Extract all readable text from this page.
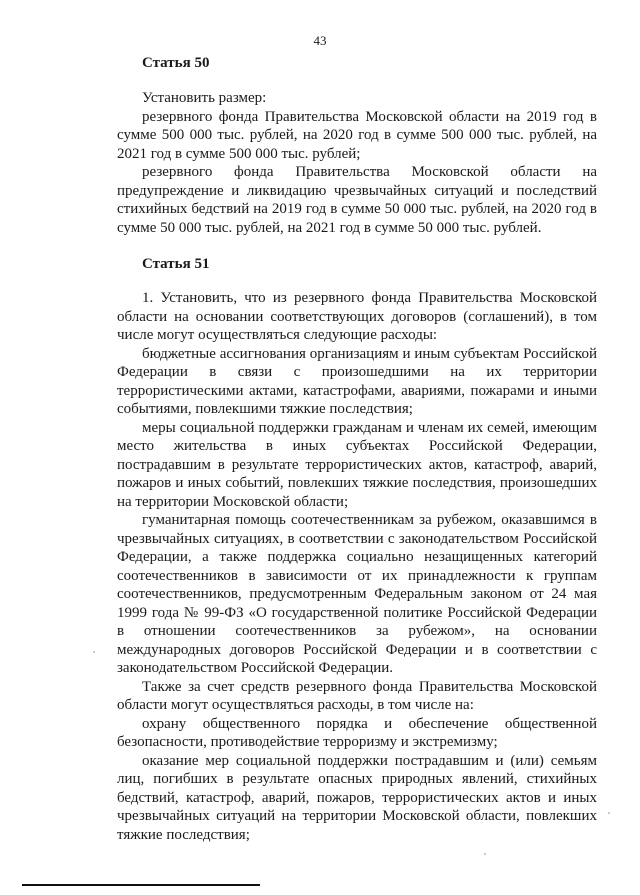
43
Статья 50

Установить размер:

резервного фонда Правительства Московской области на 2019 год в сумме 500 000 тыс. рублей, на 2020 год в сумме 500 000 тыс. рублей, на 2021 год в сумме 500 000 тыс. рублей;

резервного фонда Правительства Московской области на предупреждение и ликвидацию чрезвычайных ситуаций и последствий стихийных бедствий на 2019 год в сумме 50 000 тыс. рублей, на 2020 год в сумме 50 000 тыс. рублей, на 2021 год в сумме 50 000 тыс. рублей.

Статья 51

1. Установить, что из резервного фонда Правительства Московской области на основании соответствующих договоров (соглашений), в том числе могут осуществляться следующие расходы:

бюджетные ассигнования организациям и иным субъектам Российской Федерации в связи с произошедшими на их территории террористическими актами, катастрофами, авариями, пожарами и иными событиями, повлекшими тяжкие последствия;

меры социальной поддержки гражданам и членам их семей, имеющим место жительства в иных субъектах Российской Федерации, пострадавшим в результате террористических актов, катастроф, аварий, пожаров и иных событий, повлекших тяжкие последствия, произошедших на территории Московской области;

гуманитарная помощь соотечественникам за рубежом, оказавшимся в чрезвычайных ситуациях, в соответствии с законодательством Российской Федерации, а также поддержка социально незащищенных категорий соотечественников в зависимости от их принадлежности к группам соотечественников, предусмотренным Федеральным законом от 24 мая 1999 года № 99-ФЗ «О государственной политике Российской Федерации в отношении соотечественников за рубежом», на основании международных договоров Российской Федерации и в соответствии с законодательством Российской Федерации.

Также за счет средств резервного фонда Правительства Московской области могут осуществляться расходы, в том числе на:

охрану общественного порядка и обеспечение общественной безопасности, противодействие терроризму и экстремизму;

оказание мер социальной поддержки пострадавшим и (или) семьям лиц, погибших в результате опасных природных явлений, стихийных бедствий, катастроф, аварий, пожаров, террористических актов и иных чрезвычайных ситуаций на территории Московской области, повлекших тяжкие последствия;
